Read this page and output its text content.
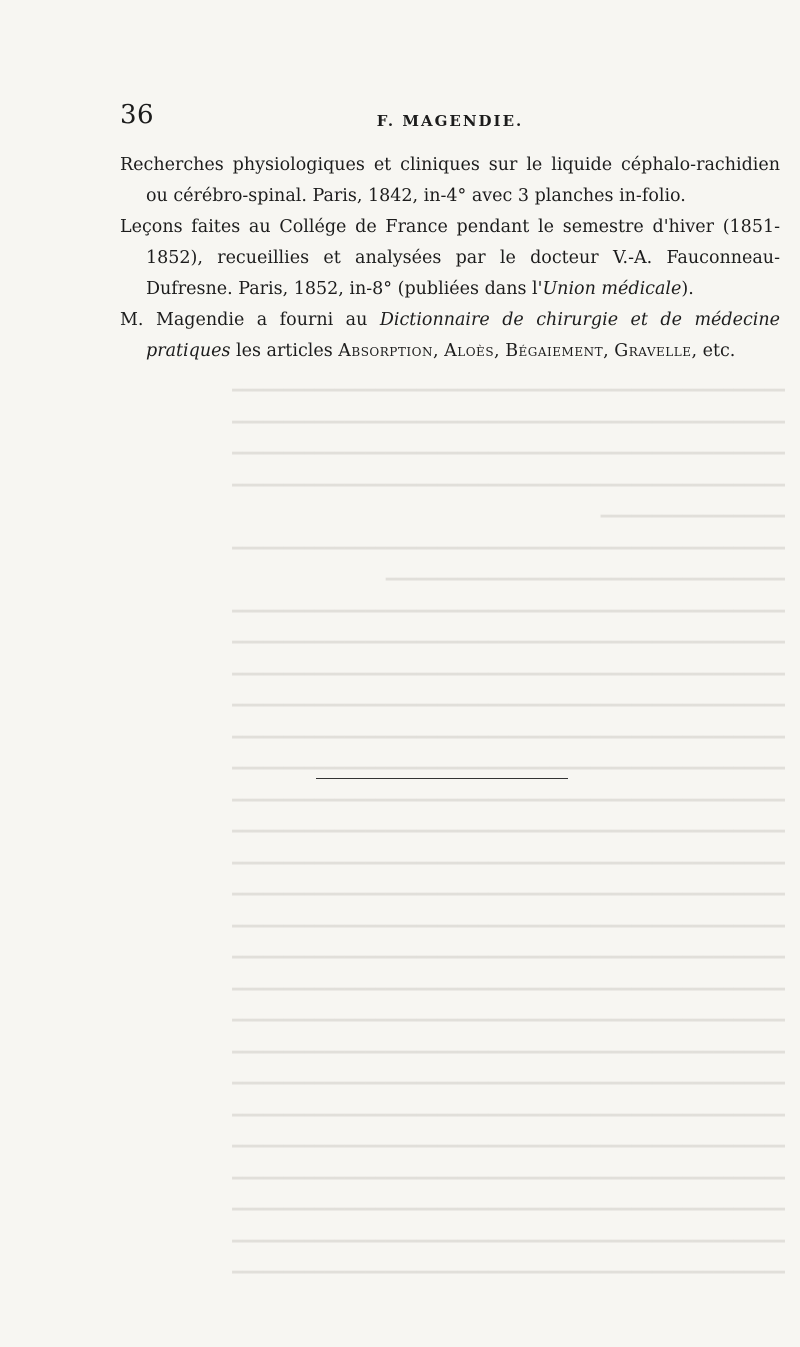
36	F. MAGENDIE.

Recherches physiologiques et cliniques sur le liquide céphalo-rachidien ou cérébro-spinal. Paris, 1842, in-4° avec 3 planches in-folio.

Leçons faites au Collége de France pendant le semestre d'hiver (1851-1852), recueillies et analysées par le docteur V.-A. Fauconneau-Dufresne. Paris, 1852, in-8° (publiées dans l'Union médicale).

M. Magendie a fourni au Dictionnaire de chirurgie et de médecine pratiques les articles Absorption, Aloès, Bégaiement, Gravelle, etc.

━━━━━━━━━━━━━━━━━━━━━━━━━━━━━━━━━━━━━━━━━━━━━━━━━━━━━━
━━━━━━━━━━━━━━━━━━━━━━━━━━━━━━━━━━━━━━━━━━━━━━━━━━━━━━
━━━━━━━━━━━━━━━━━━━━━━━━━━━━━━━━━━━━━━━━━━━━━━━━━━━━━━
━━━━━━━━━━━━━━━━━━━━━━━━━━━━━━━━━━━━━━━━━━━━━━━━━━━━━━
━━━━━━━━━━━━━━━━━━
━━━━━━━━━━━━━━━━━━━━━━━━━━━━━━━━━━━━━━━━━━━━━━━━━━━━━━
━━━━━━━━━━━━━━━━━━━━━━━━━━━━━━━━━━━━━━━
━━━━━━━━━━━━━━━━━━━━━━━━━━━━━━━━━━━━━━━━━━━━━━━━━━━━━━
━━━━━━━━━━━━━━━━━━━━━━━━━━━━━━━━━━━━━━━━━━━━━━━━━━━━━━
━━━━━━━━━━━━━━━━━━━━━━━━━━━━━━━━━━━━━━━━━━━━━━━━━━━━━━
━━━━━━━━━━━━━━━━━━━━━━━━━━━━━━━━━━━━━━━━━━━━━━━━━━━━━━
━━━━━━━━━━━━━━━━━━━━━━━━━━━━━━━━━━━━━━━━━━━━━━━━━━━━━━
━━━━━━━━━━━━━━━━━━━━━━━━━━━━━━━━━━━━━━━━━━━━━━━━━━━━━━
━━━━━━━━━━━━━━━━━━━━━━━━━━━━━━━━━━━━━━━━━━━━━━━━━━━━━━
━━━━━━━━━━━━━━━━━━━━━━━━━━━━━━━━━━━━━━━━━━━━━━━━━━━━━━
━━━━━━━━━━━━━━━━━━━━━━━━━━━━━━━━━━━━━━━━━━━━━━━━━━━━━━
━━━━━━━━━━━━━━━━━━━━━━━━━━━━━━━━━━━━━━━━━━━━━━━━━━━━━━
━━━━━━━━━━━━━━━━━━━━━━━━━━━━━━━━━━━━━━━━━━━━━━━━━━━━━━
━━━━━━━━━━━━━━━━━━━━━━━━━━━━━━━━━━━━━━━━━━━━━━━━━━━━━━
━━━━━━━━━━━━━━━━━━━━━━━━━━━━━━━━━━━━━━━━━━━━━━━━━━━━━━
━━━━━━━━━━━━━━━━━━━━━━━━━━━━━━━━━━━━━━━━━━━━━━━━━━━━━━
━━━━━━━━━━━━━━━━━━━━━━━━━━━━━━━━━━━━━━━━━━━━━━━━━━━━━━
━━━━━━━━━━━━━━━━━━━━━━━━━━━━━━━━━━━━━━━━━━━━━━━━━━━━━━
━━━━━━━━━━━━━━━━━━━━━━━━━━━━━━━━━━━━━━━━━━━━━━━━━━━━━━
━━━━━━━━━━━━━━━━━━━━━━━━━━━━━━━━━━━━━━━━━━━━━━━━━━━━━━
━━━━━━━━━━━━━━━━━━━━━━━━━━━━━━━━━━━━━━━━━━━━━━━━━━━━━━
━━━━━━━━━━━━━━━━━━━━━━━━━━━━━━━━━━━━━━━━━━━━━━━━━━━━━━
━━━━━━━━━━━━━━━━━━━━━━━━━━━━━━━━━━━━━━━━━━━━━━━━━━━━━━
━━━━━━━━━━━━━━━━━━━━━━━━━━━━━━━━━━━━━━━━━━━━━━━━━━━━━━
